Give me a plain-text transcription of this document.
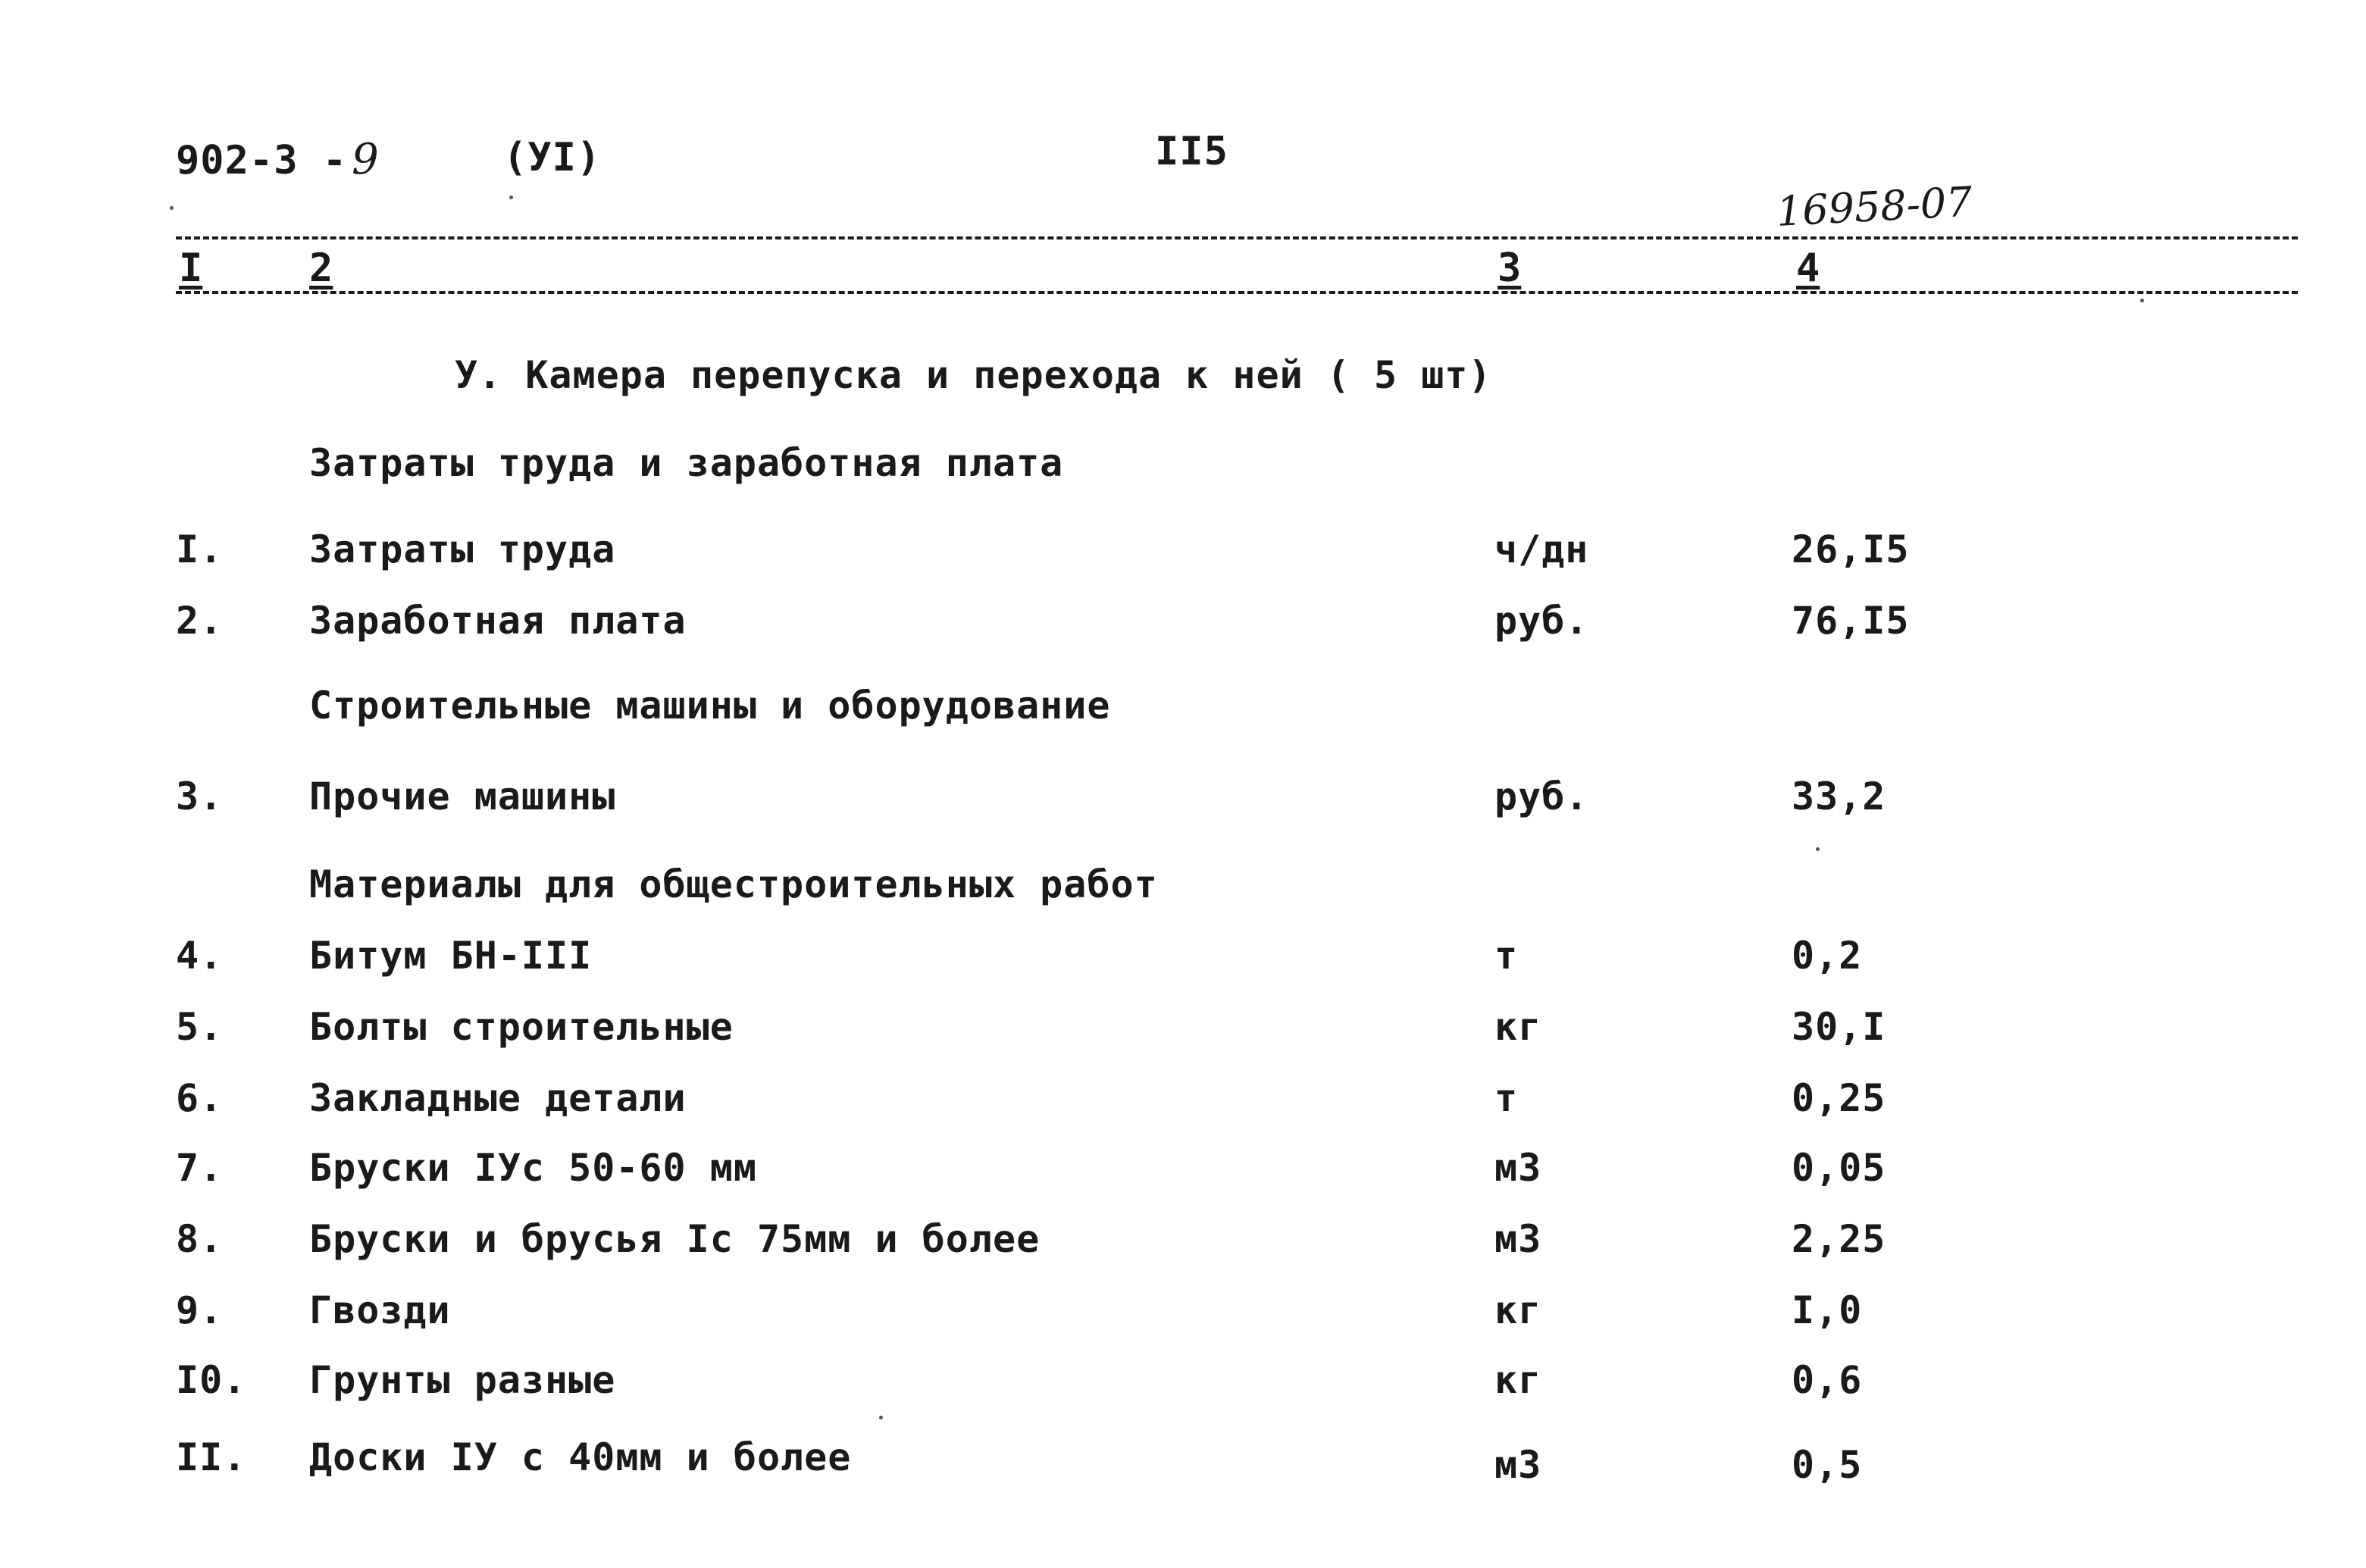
902-3 - 9	(УI)	II5
16958-07
I	2	3	4
У. Камера перепуска и перехода к ней ( 5 шт)
Затраты труда и заработная плата
I. Затраты труда	ч/дн	26,I5
2. Заработная плата	руб.	76,I5
Строительные машины и оборудование
3. Прочие машины	руб.	33,2
Материалы для общестроительных работ
4. Битум БН-III	т	0,2
5. Болты строительные	кг	30,I
6. Закладные детали	т	0,25
7. Бруски IУс 50-60 мм	м3	0,05
8. Бруски и брусья Iс 75мм и более	м3	2,25
9. Гвозди	кг	I,0
I0. Грунты разные	кг	0,6
II. Доски IУ с 40мм и более	м3	0,5
